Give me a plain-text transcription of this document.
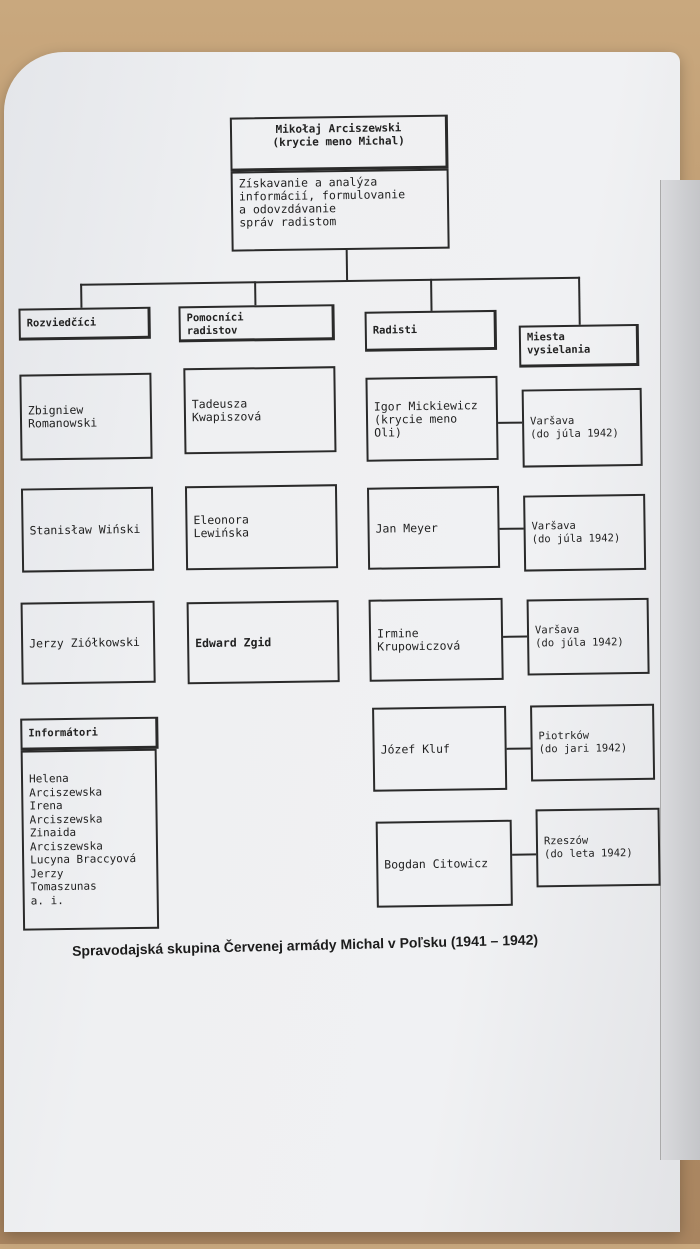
Mikołaj Arciszewski
(krycie meno Michal)
Získavanie a analýza
informácií, formulovanie
a odovzdávanie
správ radistom
Rozviedčíci	Pomocníci
radistov	Radisti
Miesta
vysielania
Zbigniew
Romanowski
Stanisław Wiński
Jerzy Ziółkowski
Tadeusza
Kwapiszová
Eleonora
Lewińska
Edward Zgid
Igor Mickiewicz
(krycie meno
Oli)
Jan Meyer
Irmine
Krupowiczová
Józef Kluf
Bogdan Citowicz
Varšava
(do júla 1942)
Varšava
(do júla 1942)
Varšava
(do júla 1942)
Piotrków
(do jari 1942)
Rzeszów
(do leta 1942)
Informátori
Helena
Arciszewska
Irena
Arciszewska
Zinaida
Arciszewska
Lucyna Braccyová
Jerzy
Tomaszunas
a. i.
Spravodajská skupina Červenej armády Michal v Poľsku (1941 – 1942)
